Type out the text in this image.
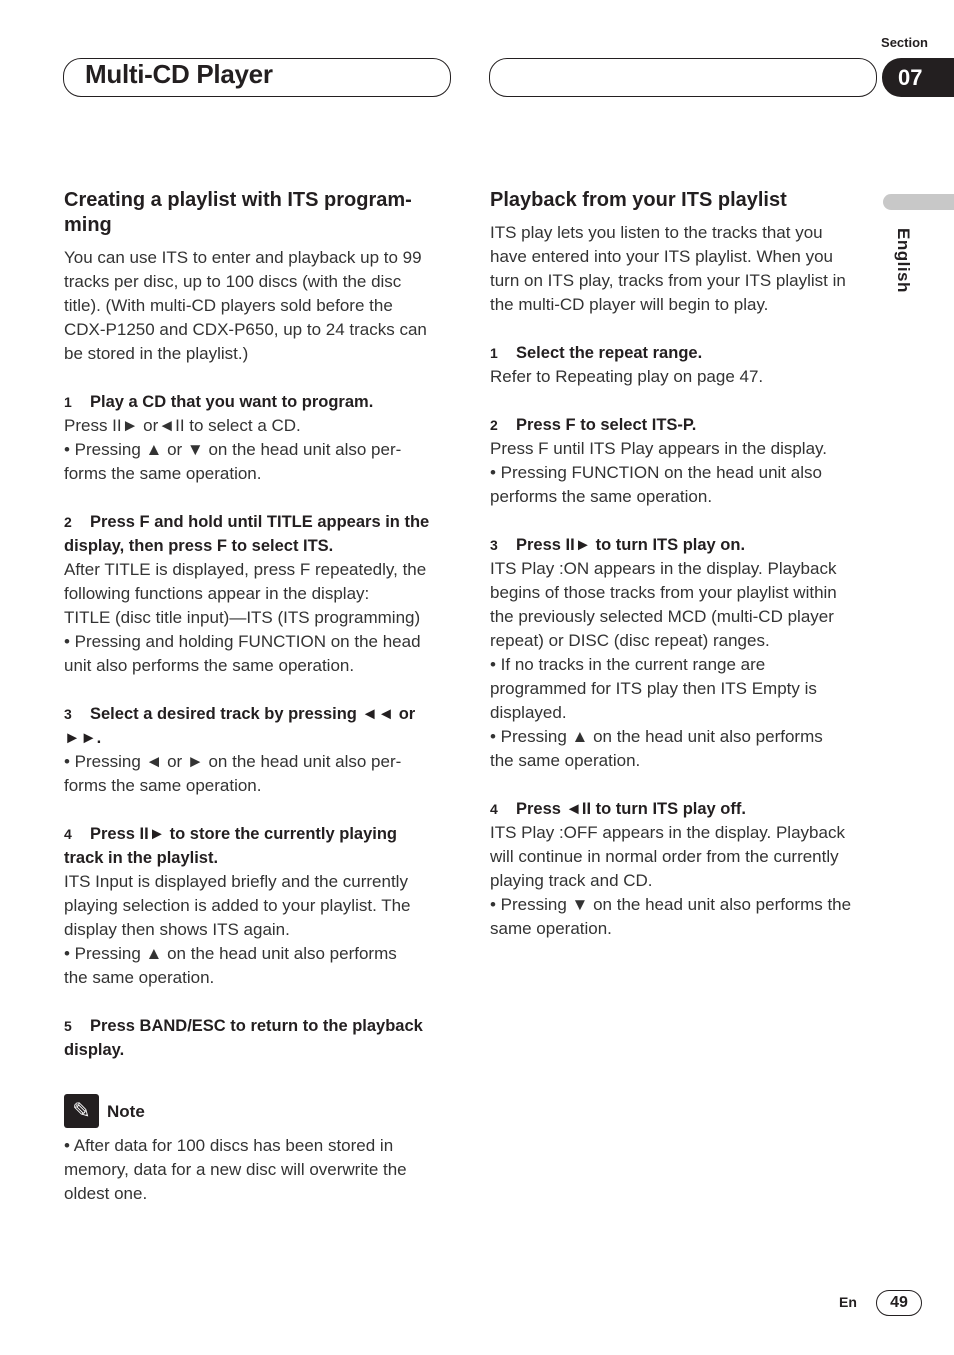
Multi-CD Player
Section
07
English
Creating a playlist with ITS program-ming

You can use ITS to enter and playback up to 99

tracks per disc, up to 100 discs (with the disc

title). (With multi-CD players sold before the

CDX-P1250 and CDX-P650, up to 24 tracks can

be stored in the playlist.)

1 Play a CD that you want to program.

Press II► or◄II to select a CD.

• Pressing ▲ or ▼ on the head unit also per-

forms the same operation.

2 Press F and hold until TITLE appears in the
display, then press F to select ITS.

After TITLE is displayed, press F repeatedly, the

following functions appear in the display:

TITLE (disc title input)—ITS (ITS programming)

• Pressing and holding FUNCTION on the head

unit also performs the same operation.

3 Select a desired track by pressing ◄◄ or
►►.

• Pressing ◄ or ► on the head unit also per-

forms the same operation.

4 Press II► to store the currently playing
track in the playlist.

ITS Input is displayed briefly and the currently

playing selection is added to your playlist. The

display then shows ITS again.

• Pressing ▲ on the head unit also performs

the same operation.

5 Press BAND/ESC to return to the playback
display.
✎ Note

• After data for 100 discs has been stored in

memory, data for a new disc will overwrite the

oldest one.

Playback from your ITS playlist

ITS play lets you listen to the tracks that you

have entered into your ITS playlist. When you

turn on ITS play, tracks from your ITS playlist in

the multi-CD player will begin to play.

1 Select the repeat range.

Refer to Repeating play on page 47.

2 Press F to select ITS-P.

Press F until ITS Play appears in the display.

• Pressing FUNCTION on the head unit also

performs the same operation.

3 Press II► to turn ITS play on.

ITS Play :ON appears in the display. Playback

begins of those tracks from your playlist within

the previously selected MCD (multi-CD player

repeat) or DISC (disc repeat) ranges.

• If no tracks in the current range are

programmed for ITS play then ITS Empty is

displayed.

• Pressing ▲ on the head unit also performs

the same operation.

4 Press ◄II to turn ITS play off.

ITS Play :OFF appears in the display. Playback

will continue in normal order from the currently

playing track and CD.

• Pressing ▼ on the head unit also performs the

same operation.

En	49
